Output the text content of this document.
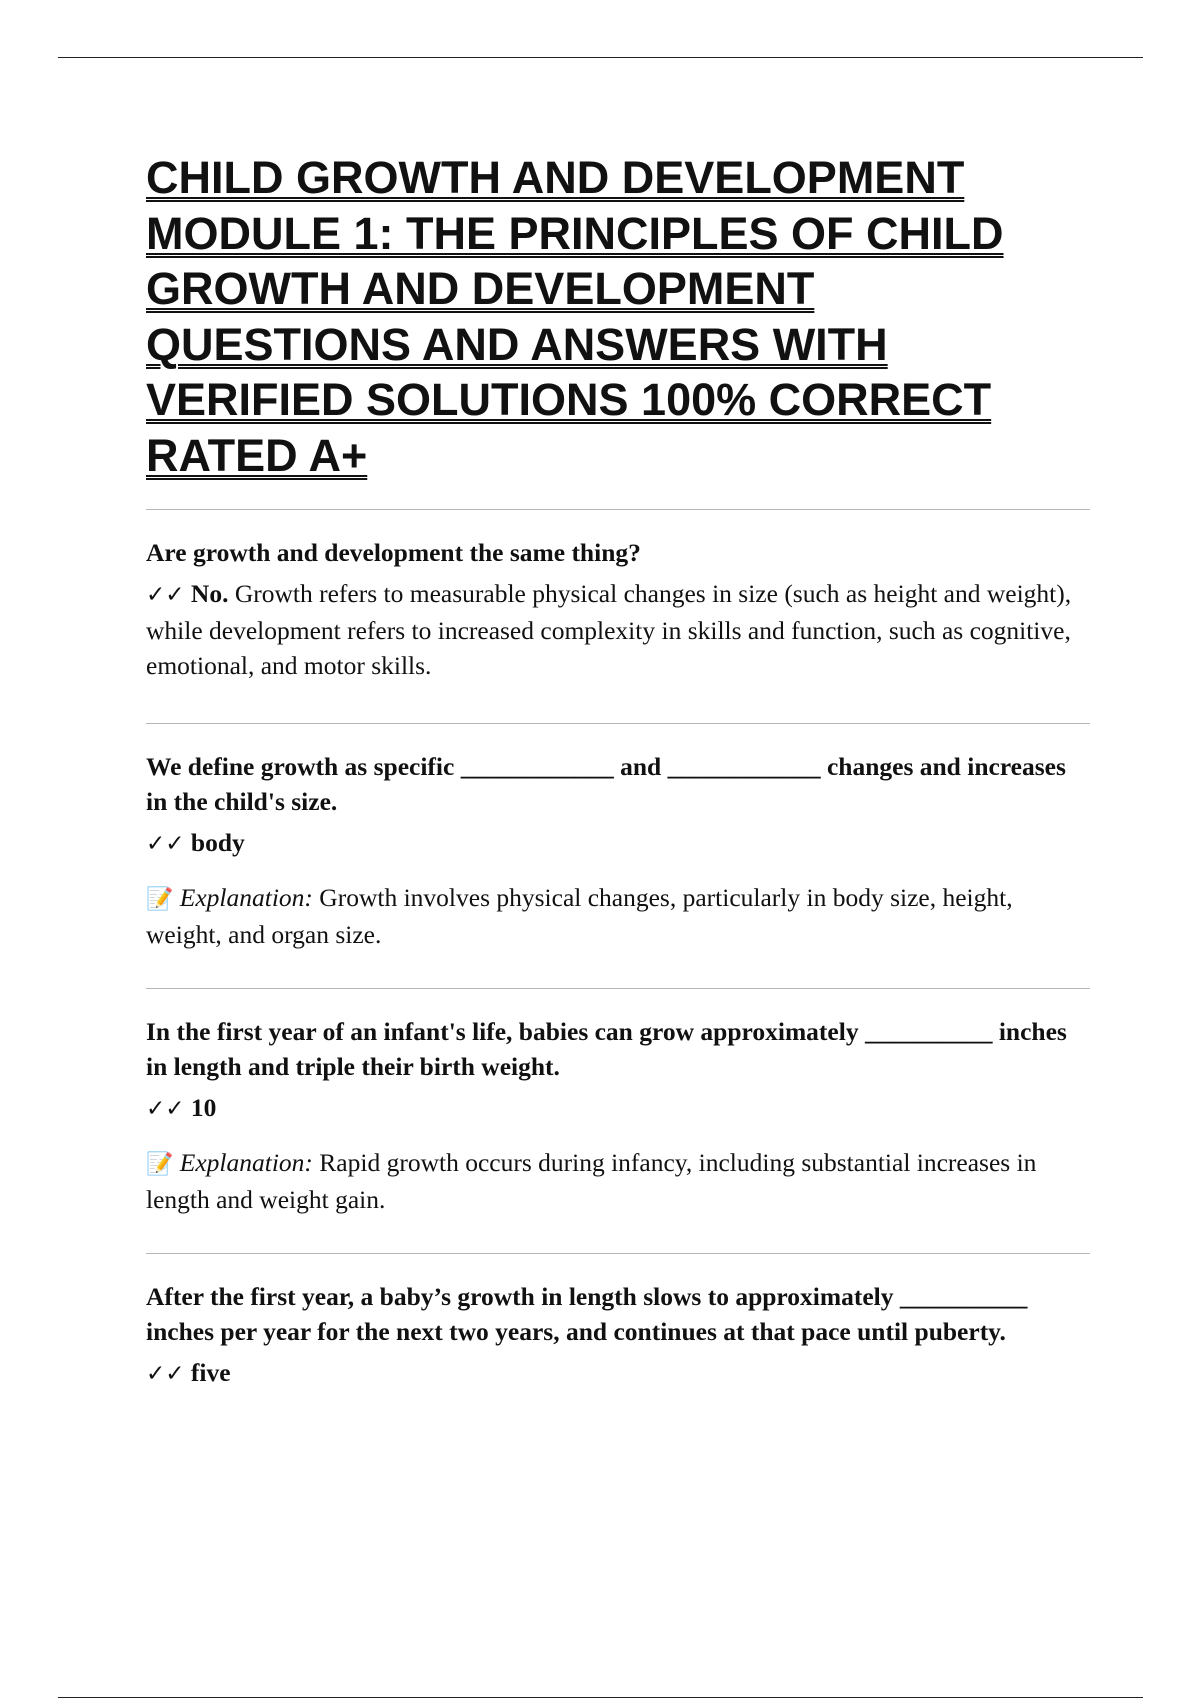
CHILD GROWTH AND DEVELOPMENT MODULE 1: THE PRINCIPLES OF CHILD GROWTH AND DEVELOPMENT QUESTIONS AND ANSWERS WITH VERIFIED SOLUTIONS 100% CORRECT RATED A+

Are growth and development the same thing?

✓✓ No. Growth refers to measurable physical changes in size (such as height and weight), while development refers to increased complexity in skills and function, such as cognitive, emotional, and motor skills.

We define growth as specific ____________ and ____________ changes and increases in the child's size.

✓✓ body

📝 Explanation: Growth involves physical changes, particularly in body size, height, weight, and organ size.

In the first year of an infant's life, babies can grow approximately __________ inches in length and triple their birth weight.

✓✓ 10

📝 Explanation: Rapid growth occurs during infancy, including substantial increases in length and weight gain.

After the first year, a baby’s growth in length slows to approximately __________ inches per year for the next two years, and continues at that pace until puberty.

✓✓ five
